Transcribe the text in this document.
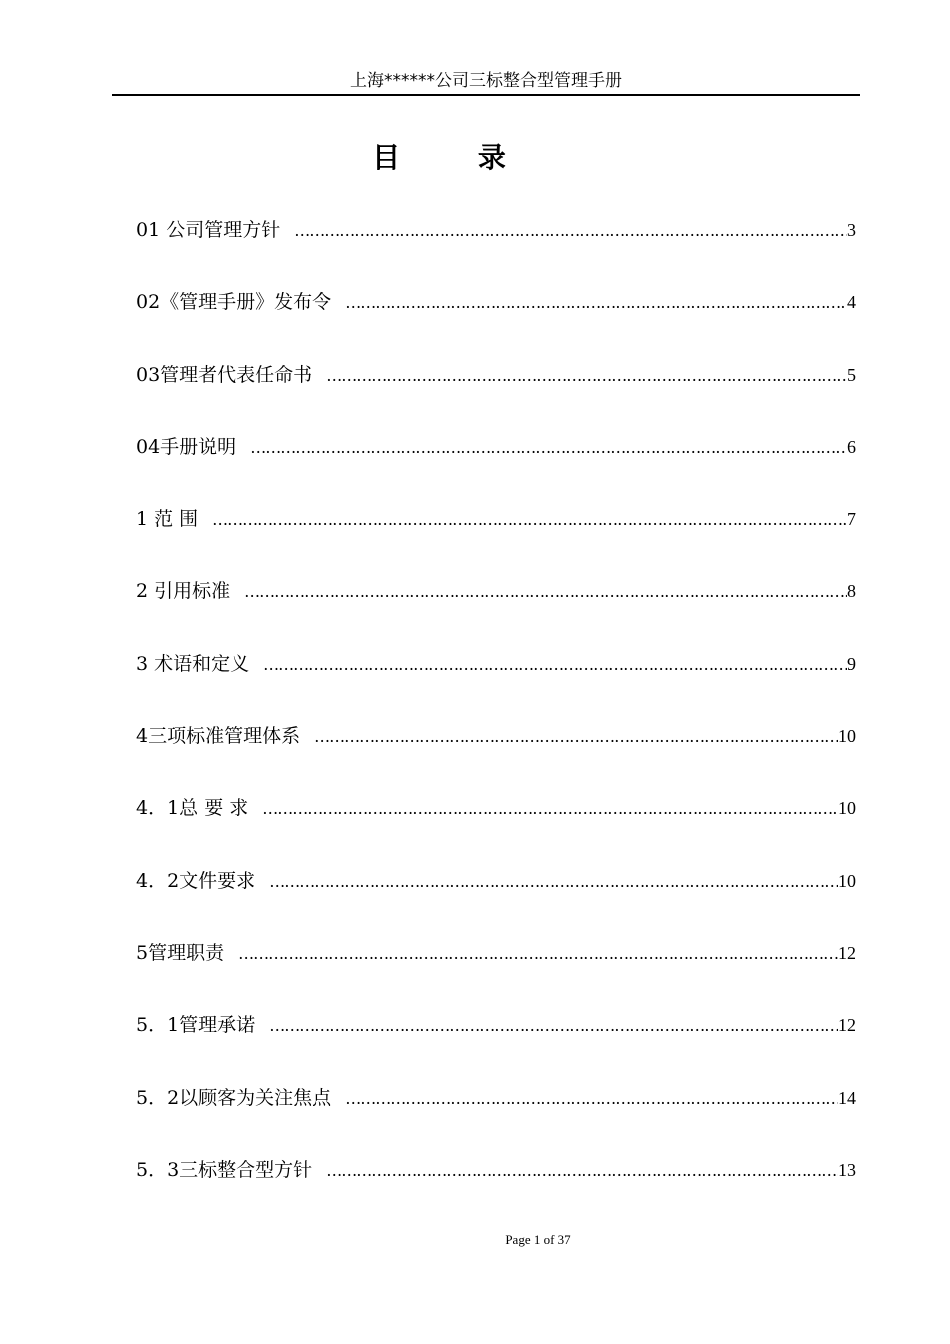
上海******公司三标整合型管理手册
目 录
01 公司管理方针 ……………………………………………………………………………………………………………………………………………………………………………………………	3
02《管理手册》发布令 ……………………………………………………………………………………………………………………………………………………………………………………………	4
03管理者代表任命书 ……………………………………………………………………………………………………………………………………………………………………………………………	5
04手册说明 ……………………………………………………………………………………………………………………………………………………………………………………………	6
1 范 围 ……………………………………………………………………………………………………………………………………………………………………………………………	7
2 引用标准 ……………………………………………………………………………………………………………………………………………………………………………………………	8
3 术语和定义 ……………………………………………………………………………………………………………………………………………………………………………………………	9
4三项标准管理体系 ……………………………………………………………………………………………………………………………………………………………………………………………	10
4．1总 要 求 ……………………………………………………………………………………………………………………………………………………………………………………………	10
4．2文件要求 ……………………………………………………………………………………………………………………………………………………………………………………………	10
5管理职责 ……………………………………………………………………………………………………………………………………………………………………………………………	12
5．1管理承诺 ……………………………………………………………………………………………………………………………………………………………………………………………	12
5．2以顾客为关注焦点 ……………………………………………………………………………………………………………………………………………………………………………………………	14
5．3三标整合型方针 ……………………………………………………………………………………………………………………………………………………………………………………………	13
Page 1 of 37
